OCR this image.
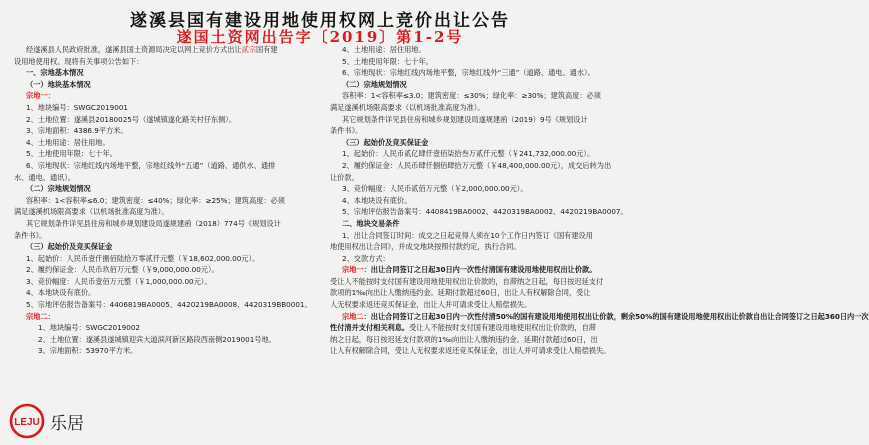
遂溪县国有建设用地使用权网上竞价出让公告
遂国土资网出告字〔2019〕第1-2号
经遂溪县人民政府批准，遂溪县国土资源局决定以网上竞价方式出让贰宗国有建
设用地使用权。现将有关事项公告如下：
一、宗地基本情况
（一）地块基本情况
宗地一：
1、地块编号：SWGC2019001
2、土地位置：遂溪县20180025号（遂城镇遂化路关村仔东侧）。
3、宗地面积：4386.9平方米。
4、土地用途：居住用地。
5、土地使用年限：七十年。
6、宗地现状：宗地红线内场地平整，宗地红线外“五通”（道路、通供水、通排
水、通电、通讯）。
（二）宗地规划情况
容积率：1<容积率≤6.0；建筑密度：≤40%；绿化率：≥25%；建筑高度：必须
满足遂溪机场限高要求（以机场批准高度为准）。
其它规划条件详见县住房和城乡规划建设局遂规建函（2018）774号《规划设计
条件书》。
（三）起始价及竞买保证金
1、起始价：人民币壹仟捌佰陆拾万零贰仟元整（￥18,602,000.00元）。
2、履约保证金：人民币玖佰万元整（￥9,000,000.00元）。
3、竞价幅度：人民币壹佰万元整（￥1,000,000.00元）。
4、本地块设有底价。
5、宗地评估报告备案号：4406819BA0005、4420219BA0008、4420319BB0001。
宗地二：
1、地块编号：SWGC2019002
2、土地位置：遂溪县遂城镇迎宾大道滨河新区路段西南侧2019001号地。
3、宗地面积：53970平方米。
4、土地用途：居住用地。
5、土地使用年限：七十年。
6、宗地现状：宗地红线内场地平整，宗地红线外“三通”（道路、通电、通水）。
（二）宗地规划情况
容积率：1<容积率≤3.0；建筑密度：≤30%；绿化率：≥30%；建筑高度：必须
满足遂溪机场限高要求（以机场批准高度为准）。
其它规划条件详见县住房和城乡规划建设局遂规建函（2019）9号《规划设计
条件书》。
（三）起始价及竞买保证金
1、起始价：人民币贰亿肆仟壹佰柒拾叁万贰仟元整（￥241,732,000.00元）。
2、履约保证金：人民币肆仟捌佰肆拾万元整（￥48,400,000.00元），成交后转为出
让价款。
3、竞价幅度：人民币贰佰万元整（￥2,000,000.00元）。
4、本地块设有底价。
5、宗地评估报告备案号：4408419BA0002、4420319BA0002、4420219BA0007。
二、地块交易条件
1、出让合同签订时间：成交之日起竞得人须在10个工作日内签订《国有建设用
地使用权出让合同》，并成交地块按照付款约定，执行合同。
2、交款方式：
宗地一：出让合同签订之日起30日内一次性付清国有建设用地使用权出让价款。
受让人不能按时支付国有建设用地使用权出让价款的，自滞纳之日起，每日按迟延支付
款项的1‰向出让人缴纳违约金。延期付款超过60日，出让人有权解除合同，受让
人无权要求返还竞买保证金，出让人并可请求受让人赔偿损失。
宗地二：出让合同签订之日起30日内一次性付清50%的国有建设用地使用权出让价款，剩余50%的国有建设用地使用权出让价款自出让合同签订之日起360日内一次
性付清并支付相关利息。受让人不能按时支付国有建设用地使用权出让价款的，自滞
纳之日起，每日按迟延支付款项的1‰向出让人缴纳违约金。延期付款超过60日，出
让人有权解除合同，受让人无权要求返还竞买保证金，出让人并可请求受让人赔偿损失。
LEJU 乐居
